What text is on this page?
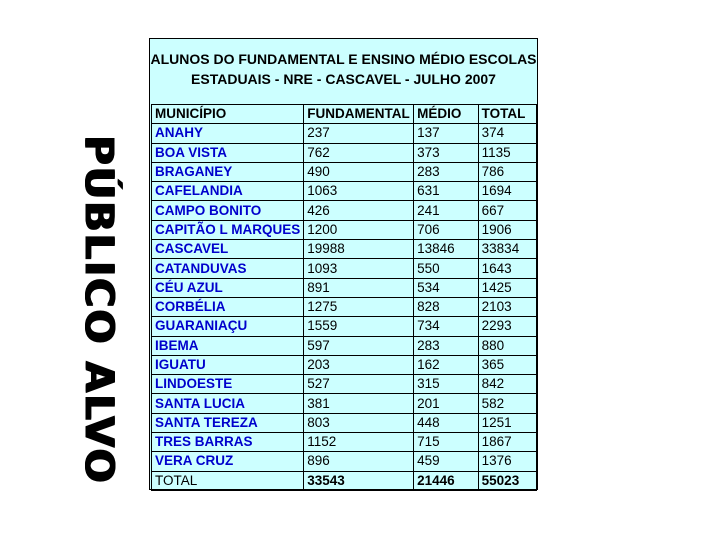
PÚBLICO ALVO
ALUNOS DO FUNDAMENTAL E ENSINO MÉDIO ESCOLAS
ESTADUAIS - NRE - CASCAVEL - JULHO 2007
MUNICÍPIO	FUNDAMENTAL	MÉDIO	TOTAL
ANAHY	237	137	374
BOA VISTA	762	373	1135
BRAGANEY	490	283	786
CAFELANDIA	1063	631	1694
CAMPO BONITO	426	241	667
CAPITÃO L MARQUES	1200	706	1906
CASCAVEL	19988	13846	33834
CATANDUVAS	1093	550	1643
CÉU AZUL	891	534	1425
CORBÉLIA	1275	828	2103
GUARANIAÇU	1559	734	2293
IBEMA	597	283	880
IGUATU	203	162	365
LINDOESTE	527	315	842
SANTA LUCIA	381	201	582
SANTA TEREZA	803	448	1251
TRES BARRAS	1152	715	1867
VERA CRUZ	896	459	1376
TOTAL	33543	21446	55023
